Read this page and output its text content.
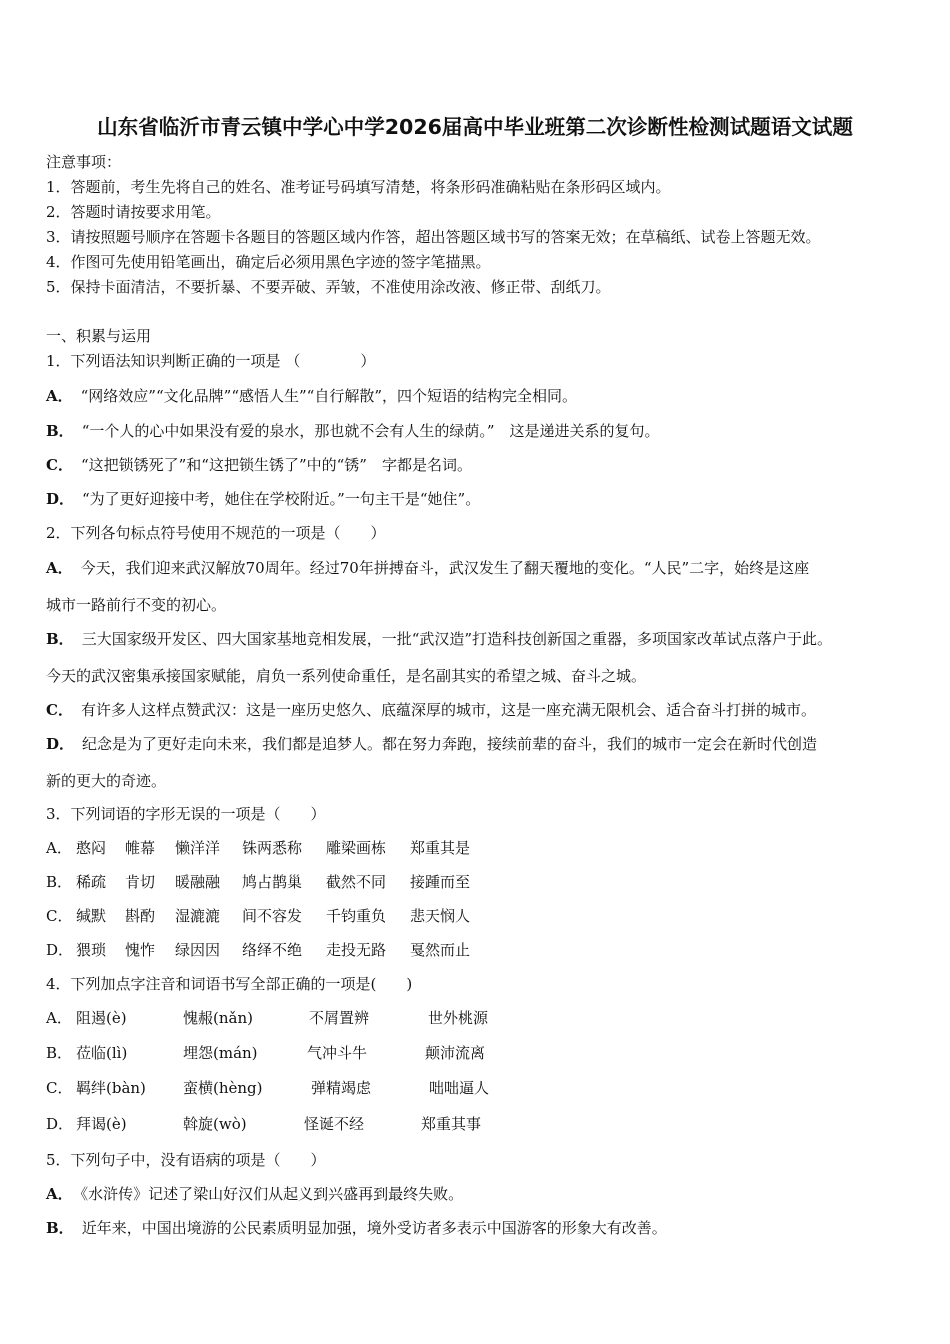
山东省临沂市青云镇中学心中学2026届高中毕业班第二次诊断性检测试题语文试题
注意事项：
1．答题前，考生先将自己的姓名、准考证号码填写清楚，将条形码准确粘贴在条形码区域内。
2．答题时请按要求用笔。
3．请按照题号顺序在答题卡各题目的答题区域内作答，超出答题区域书写的答案无效；在草稿纸、试卷上答题无效。
4．作图可先使用铅笔画出，确定后必须用黑色字迹的签字笔描黑。
5．保持卡面清洁，不要折暴、不要弄破、弄皱，不准使用涂改液、修正带、刮纸刀。
一、积累与运用
1．下列语法知识判断正确的一项是 （　　　　）
A． “网络效应”“文化品牌”“感悟人生”“自行解散”，四个短语的结构完全相同。
B． “一个人的心中如果没有爱的泉水，那也就不会有人生的绿荫。”　这是递进关系的复句。
C． “这把锁锈死了”和“这把锁生锈了”中的“锈”　字都是名词。
D． “为了更好迎接中考，她住在学校附近。”一句主干是“她住”。
2．下列各句标点符号使用不规范的一项是（　　）
A． 今天，我们迎来武汉解放70周年。经过70年拼搏奋斗，武汉发生了翻天覆地的变化。“人民”二字，始终是这座
城市一路前行不变的初心。
B． 三大国家级开发区、四大国家基地竞相发展，一批“武汉造”打造科技创新国之重器，多项国家改革试点落户于此。
今天的武汉密集承接国家赋能，肩负一系列使命重任，是名副其实的希望之城、奋斗之城。
C． 有许多人这样点赞武汉：这是一座历史悠久、底蕴深厚的城市，这是一座充满无限机会、适合奋斗打拼的城市。
D． 纪念是为了更好走向未来，我们都是追梦人。都在努力奔跑，接续前辈的奋斗，我们的城市一定会在新时代创造
新的更大的奇迹。
3．下列词语的字形无误的一项是（　　）
A． 憨闷 帷幕 懒洋洋 铢两悉称 雕梁画栋 郑重其是
B． 稀疏 肯切 暖融融 鸠占鹊巢 截然不同 接踵而至
C． 缄默 斟酌 湿漉漉 间不容发 千钧重负 悲天悯人
D． 猥琐 愧怍 绿因因 络绎不绝 走投无路 戛然而止
4．下列加点字注音和词语书写全部正确的一项是(　　)
A． 阻遏(è)	愧赧(nǎn)	不屑置辨	世外桃源
B． 莅临(lì)	埋怨(mán)	气冲斗牛	颠沛流离
C． 羁绊(bàn) 蛮横(hèng)	弹精竭虑	咄咄逼人
D． 拜谒(è)	斡旋(wò)	怪诞不经	郑重其事
5．下列句子中，没有语病的项是（　　）
A． 《水浒传》记述了梁山好汉们从起义到兴盛再到最终失败。
B． 近年来，中国出境游的公民素质明显加强，境外受访者多表示中国游客的形象大有改善。
